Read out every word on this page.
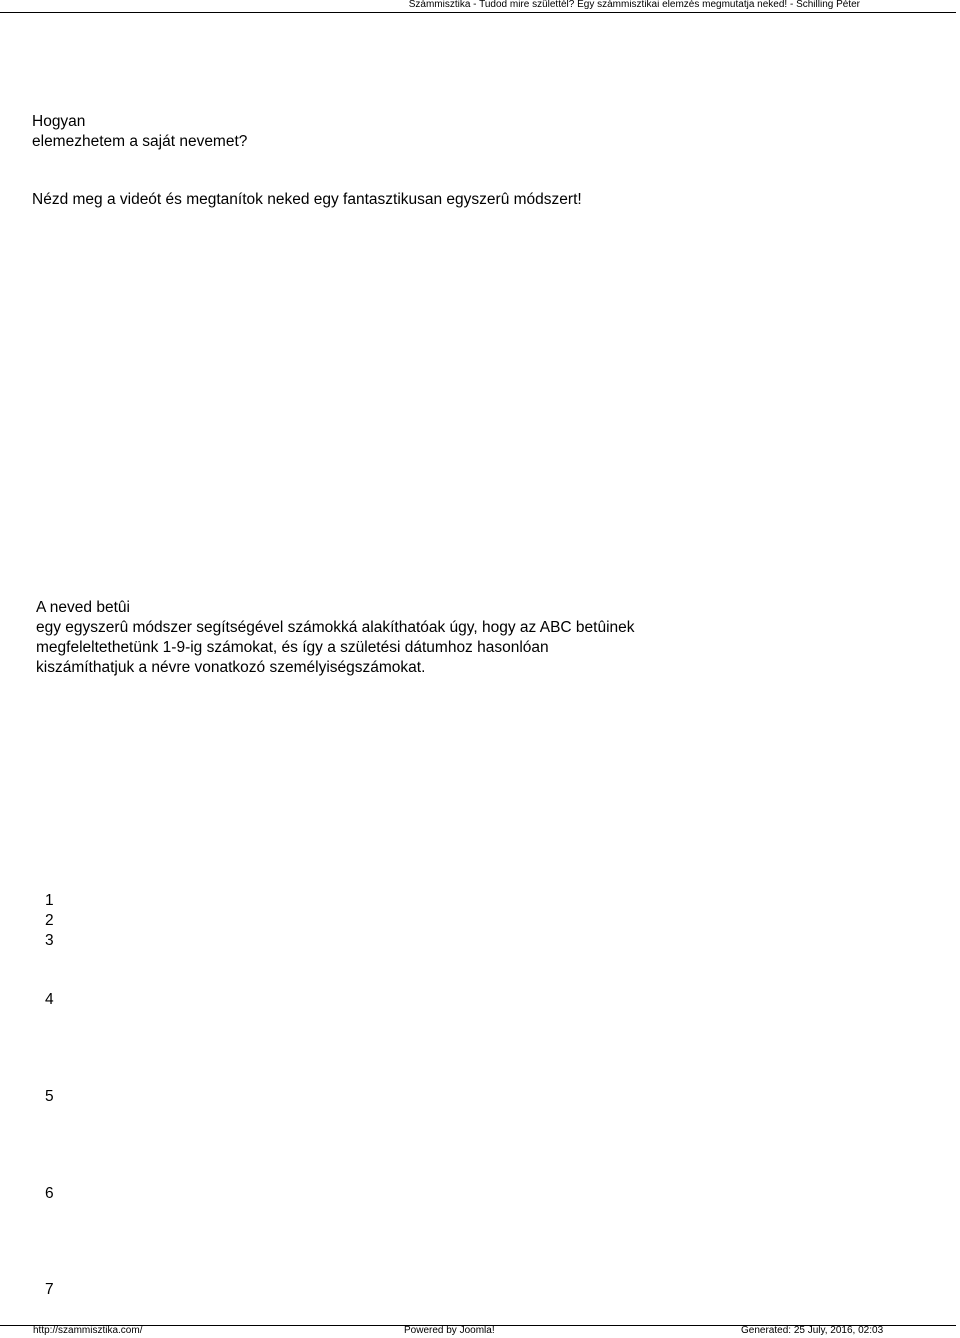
Számmisztika - Tudod mire születtél? Egy számmisztikai elemzés megmutatja neked! - Schilling Péter
Hogyan
elemezhetem a saját nevemet?
Nézd meg a videót és megtanítok neked egy fantasztikusan egyszerû módszert!
A neved betûi
egy egyszerû módszer segítségével számokká alakíthatóak úgy, hogy az ABC betûinek
megfeleltethetünk 1-9-ig számokat, és így a születési dátumhoz hasonlóan
kiszámíthatjuk a névre vonatkozó személyiségszámokat.
1
2
3
4
5
6
7
http://szammisztika.com/	Powered by Joomla!	Generated: 25 July, 2016, 02:03
